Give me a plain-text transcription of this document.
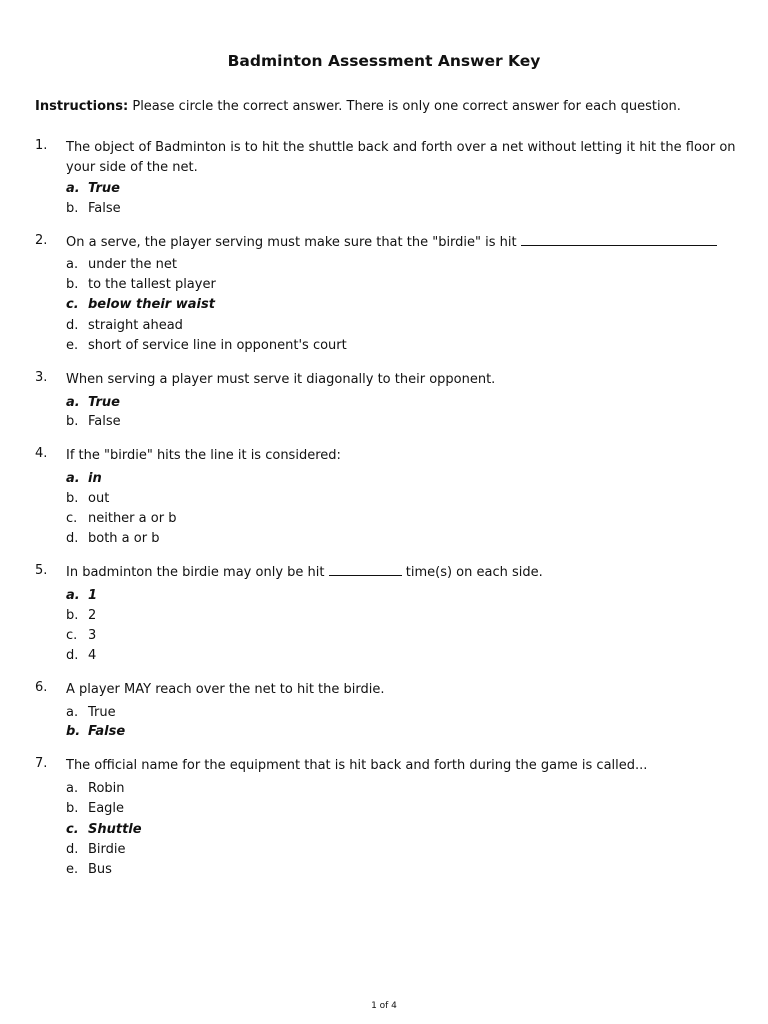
Badminton Assessment Answer Key
Instructions: Please circle the correct answer. There is only one correct answer for each question.
1. The object of Badminton is to hit the shuttle back and forth over a net without letting it hit the floor on your side of the net.
a. True
b. False
2. On a serve, the player serving must make sure that the "birdie" is hit
a. under the net
b. to the tallest player
c. below their waist
d. straight ahead
e. short of service line in opponent's court
3. When serving a player must serve it diagonally to their opponent.
a. True
b. False
4. If the "birdie" hits the line it is considered:
a. in
b. out
c. neither a or b
d. both a or b
5. In badminton the birdie may only be hit	time(s) on each side.
a. 1
b. 2
c. 3
d. 4
6. A player MAY reach over the net to hit the birdie.
a. True
b. False
7. The official name for the equipment that is hit back and forth during the game is called...
a. Robin
b. Eagle
c. Shuttle
d. Birdie
e. Bus
1 of 4
